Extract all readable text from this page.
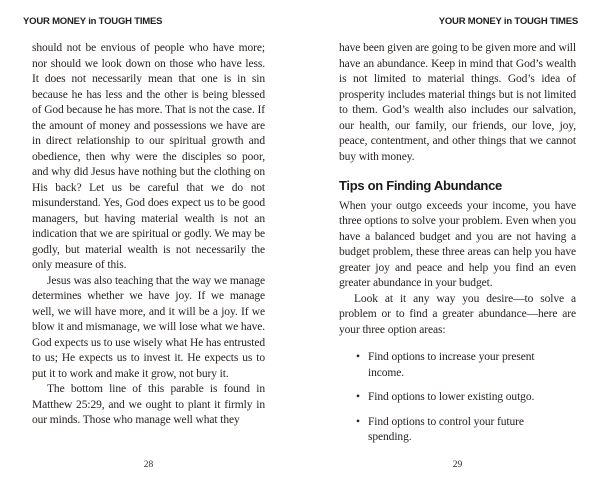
YOUR MONEY in TOUGH TIMES

should not be envious of people who have more; nor should we look down on those who have less. It does not necessarily mean that one is in sin because he has less and the other is being blessed of God because he has more. That is not the case. If the amount of money and possessions we have are in direct relationship to our spiritual growth and obedience, then why were the disciples so poor, and why did Jesus have nothing but the clothing on His back? Let us be careful that we do not misunderstand. Yes, God does expect us to be good managers, but having material wealth is not an indication that we are spiritual or godly. We may be godly, but material wealth is not necessarily the only measure of this.

Jesus was also teaching that the way we manage determines whether we have joy. If we manage well, we will have more, and it will be a joy. If we blow it and mismanage, we will lose what we have. God expects us to use wisely what He has entrusted to us; He expects us to invest it. He expects us to put it to work and make it grow, not bury it.

The bottom line of this parable is found in Matthew 25:29, and we ought to plant it firmly in our minds. Those who manage well what they

28
YOUR MONEY in TOUGH TIMES

have been given are going to be given more and will have an abundance. Keep in mind that God’s wealth is not limited to material things. God’s idea of prosperity includes material things but is not limited to them. God’s wealth also includes our salvation, our health, our family, our friends, our love, joy, peace, contentment, and other things that we cannot buy with money.

Tips on Finding Abundance

When your outgo exceeds your income, you have three options to solve your problem. Even when you have a balanced budget and you are not having a budget problem, these three areas can help you have greater joy and peace and help you find an even greater abundance in your budget.

Look at it any way you desire—to solve a problem or to find a greater abundance—here are your three option areas:

• Find options to increase your present income.
• Find options to lower existing outgo.
• Find options to control your future spending.
29
